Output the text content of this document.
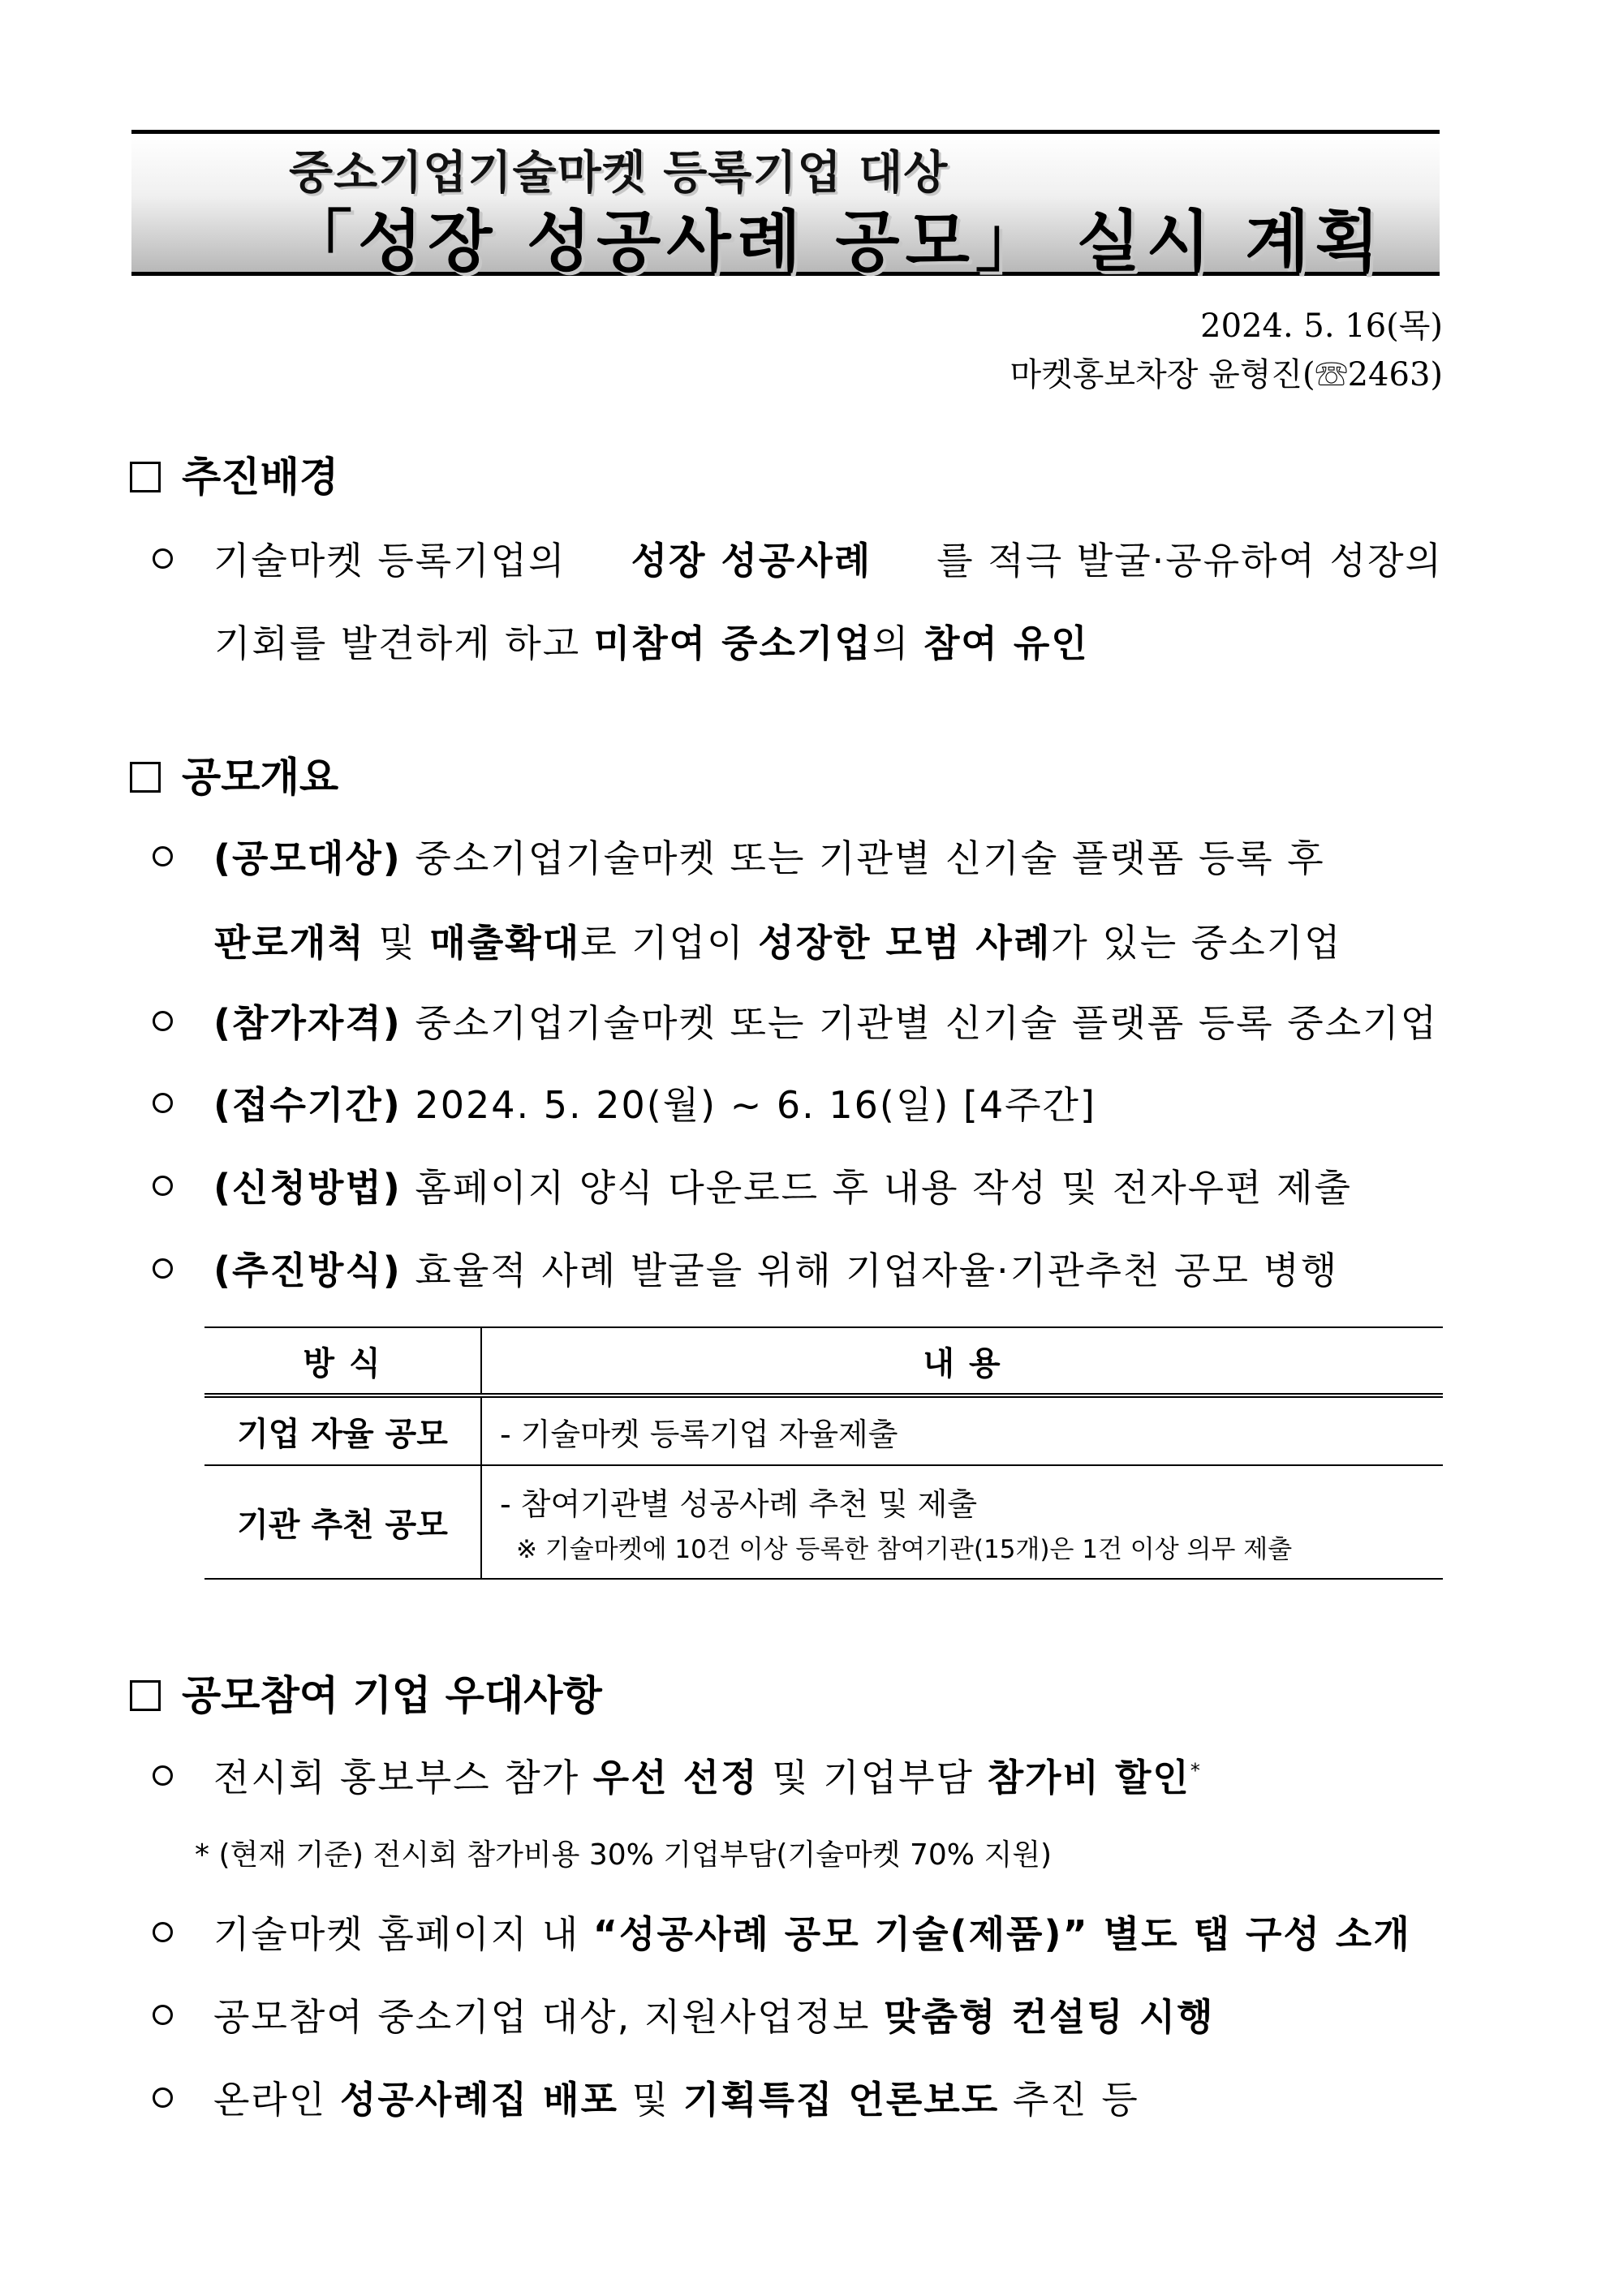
중소기업기술마켓 등록기업 대상
「성장 성공사례 공모」 실시 계획
2024. 5. 16(목)
마켓홍보차장 윤형진(☏2463)
추진배경
기술마켓 등록기업의 성장 성공사례 를 적극 발굴·공유하여 성장의
기회를 발견하게 하고 미참여 중소기업의 참여 유인
공모개요
(공모대상) 중소기업기술마켓 또는 기관별 신기술 플랫폼 등록 후
판로개척 및 매출확대로 기업이 성장한 모범 사례가 있는 중소기업
(참가자격) 중소기업기술마켓 또는 기관별 신기술 플랫폼 등록 중소기업
(접수기간) 2024. 5. 20(월) ~ 6. 16(일) [4주간]
(신청방법) 홈페이지 양식 다운로드 후 내용 작성 및 전자우편 제출
(추진방식) 효율적 사례 발굴을 위해 기업자율·기관추천 공모 병행
방 식	내 용
기업 자율 공모	- 기술마켓 등록기업 자율제출
기관 추천 공모	- 참여기관별 성공사례 추천 및 제출
※ 기술마켓에 10건 이상 등록한 참여기관(15개)은 1건 이상 의무 제출
공모참여 기업 우대사항
전시회 홍보부스 참가 우선 선정 및 기업부담 참가비 할인*
* (현재 기준) 전시회 참가비용 30% 기업부담(기술마켓 70% 지원)
기술마켓 홈페이지 내 “성공사례 공모 기술(제품)” 별도 탭 구성 소개
공모참여 중소기업 대상, 지원사업정보 맞춤형 컨설팅 시행
온라인 성공사례집 배포 및 기획특집 언론보도 추진 등
